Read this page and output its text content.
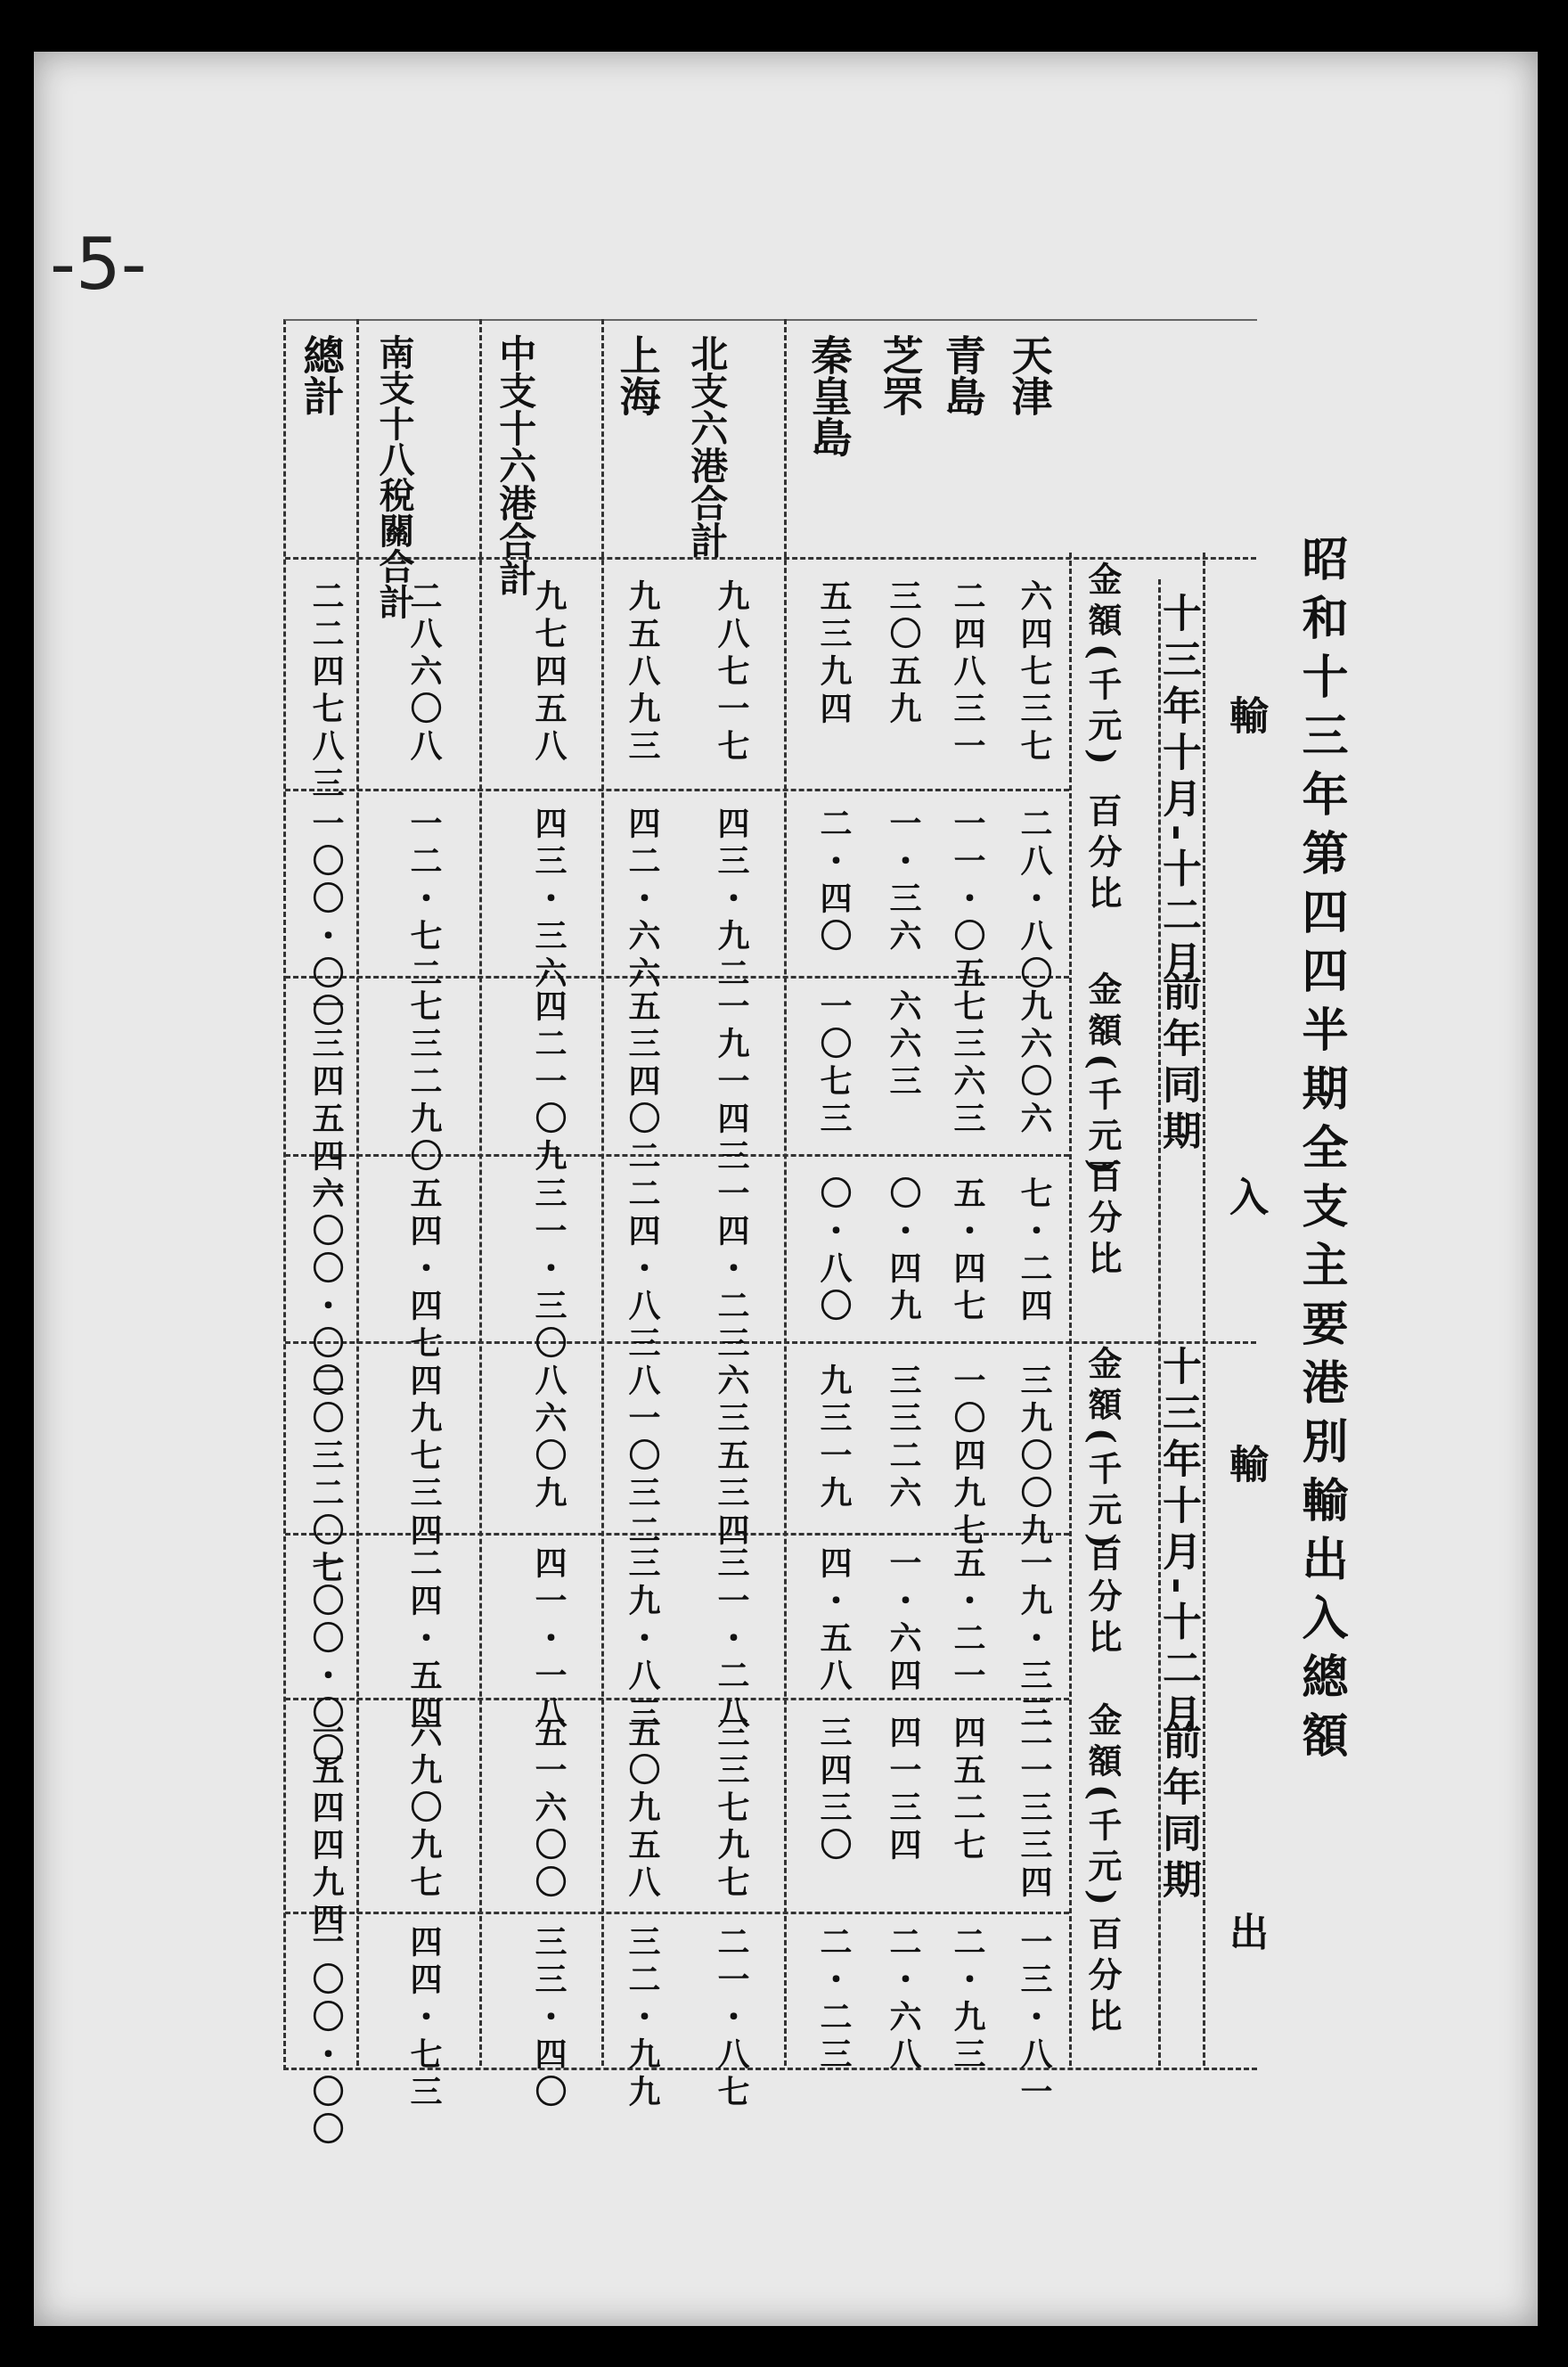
-5-
昭和十三年第四四半期全支主要港別輸出入總額
輸
入
輸
出
十三年十月-十二月
前年同期
十三年十月-十二月
前年同期
金額(千元)
百分比
金額(千元)
百分比
金額(千元)
百分比
金額(千元)
百分比
天津
青島
芝罘
秦皇島
北支六港合計
上海
中支十六港合計
南支十八稅關合計
總計
六四七三七
二八・八〇
九六〇六
七・二四
三九〇〇九
一九・三三
二一三三四
一三・八一
二四八三一
一一・〇五
七三六三
五・四七
一〇四九七
五・二一
四五二七
二・九三
三〇五九
一・三六
六六三
〇・四九
三三二六
一・六四
四一三四
二・六八
五三九四
二・四〇
一〇七三
〇・八〇
九三一九
四・五八
三四三〇
二・二三
九八七一七
四三・九二
一九一四三
一四・二三
六三五三四
三一・二八
三三七九七
二一・八七
九五八九三
四二・六六
五三四〇二
二四・八三
八一〇三二
三九・八三
五〇九五八
三二・九九
九七四五八
四三・三六
四二一〇九
三一・三〇
八六〇九
四一・一八
五一六〇〇
三三・四〇
二八六〇八
一二・七二
七三二九〇
五四・四七
四九七三四
二四・五四
六九〇九七
四四・七三
二二四七八三
一〇〇・〇〇
一三四五四六
一〇〇・〇〇
二〇三二〇七
一〇〇・〇〇
一五四四九四
一〇〇・〇〇
